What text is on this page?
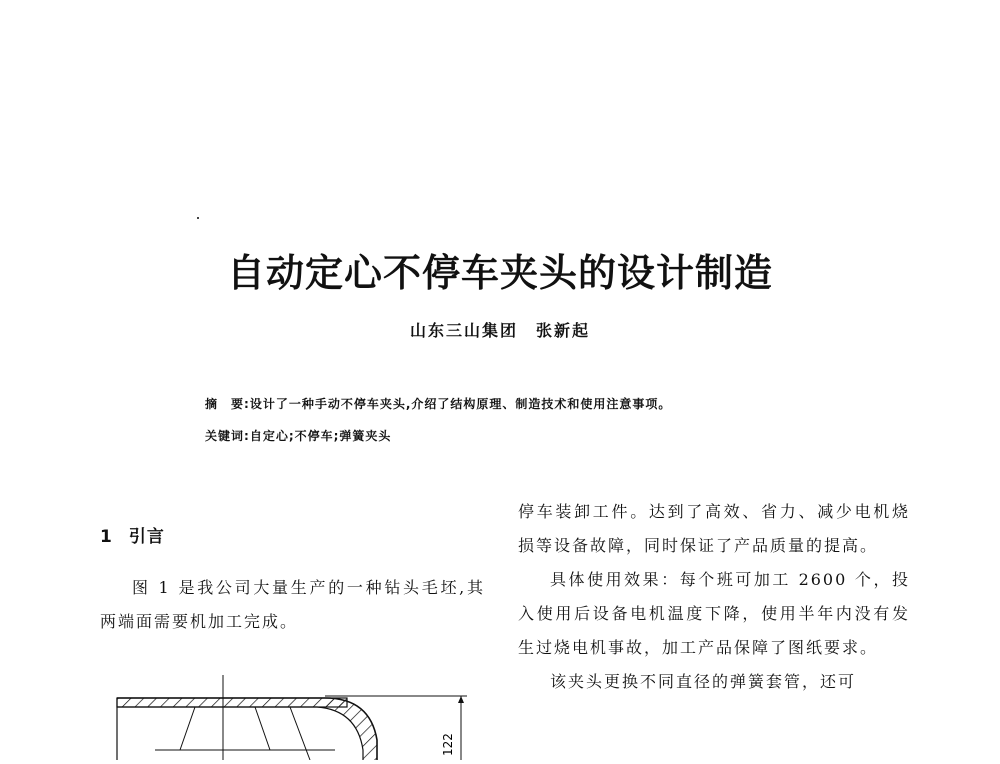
自动定心不停车夹头的设计制造
山东三山集团　张新起
摘　要:设计了一种手动不停车夹头,介绍了结构原理、制造技术和使用注意事项。
关键词:自定心;不停车;弹簧夹头
1 引言

图 1 是我公司大量生产的一种钻头毛坯,其两端面需要机加工完成。

停车装卸工件。达到了高效、省力、减少电机烧损等设备故障，同时保证了产品质量的提高。

具体使用效果：每个班可加工 2600 个，投入使用后设备电机温度下降，使用半年内没有发生过烧电机事故，加工产品保障了图纸要求。

该夹头更换不同直径的弹簧套管，还可

122
